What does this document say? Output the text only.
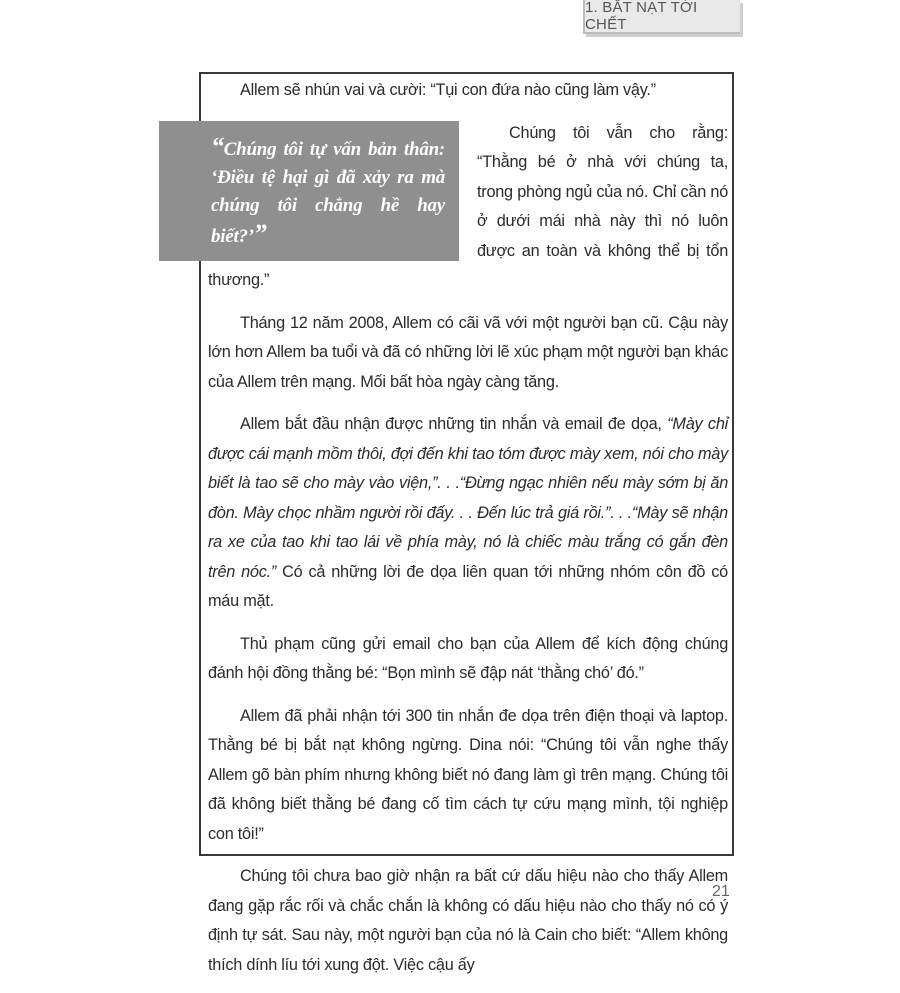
1. BẮT NẠT TỚI CHẾT

Allem sẽ nhún vai và cười: “Tụi con đứa nào cũng làm vậy.”

“Chúng tôi tự vấn bản thân: ‘Điều tệ hại gì đã xảy ra mà chúng tôi chẳng hề hay biết?’”
Chúng tôi vẫn cho rằng: “Thằng bé ở nhà với chúng ta, trong phòng ngủ của nó. Chỉ cần nó ở dưới mái nhà này thì nó luôn được an toàn và không thể bị tổn thương.”

Tháng 12 năm 2008, Allem có cãi vã với một người bạn cũ. Cậu này lớn hơn Allem ba tuổi và đã có những lời lẽ xúc phạm một người bạn khác của Allem trên mạng. Mối bất hòa ngày càng tăng.

Allem bắt đầu nhận được những tin nhắn và email đe dọa, “Mày chỉ được cái mạnh mồm thôi, đợi đến khi tao tóm được mày xem, nói cho mày biết là tao sẽ cho mày vào viện,”. . .“Đừng ngạc nhiên nếu mày sớm bị ăn đòn. Mày chọc nhầm người rồi đấy. . . Đến lúc trả giá rồi.”. . .“Mày sẽ nhận ra xe của tao khi tao lái về phía mày, nó là chiếc màu trắng có gắn đèn trên nóc.” Có cả những lời đe dọa liên quan tới những nhóm côn đồ có máu mặt.

Thủ phạm cũng gửi email cho bạn của Allem để kích động chúng đánh hội đồng thằng bé: “Bọn mình sẽ đập nát ‘thằng chó’ đó.”

Allem đã phải nhận tới 300 tin nhắn đe dọa trên điện thoại và laptop. Thằng bé bị bắt nạt không ngừng. Dina nói: “Chúng tôi vẫn nghe thấy Allem gõ bàn phím nhưng không biết nó đang làm gì trên mạng. Chúng tôi đã không biết thằng bé đang cố tìm cách tự cứu mạng mình, tội nghiệp con tôi!”

Chúng tôi chưa bao giờ nhận ra bất cứ dấu hiệu nào cho thấy Allem đang gặp rắc rối và chắc chắn là không có dấu hiệu nào cho thấy nó có ý định tự sát. Sau này, một người bạn của nó là Cain cho biết: “Allem không thích dính líu tới xung đột. Việc cậu ấy

21
